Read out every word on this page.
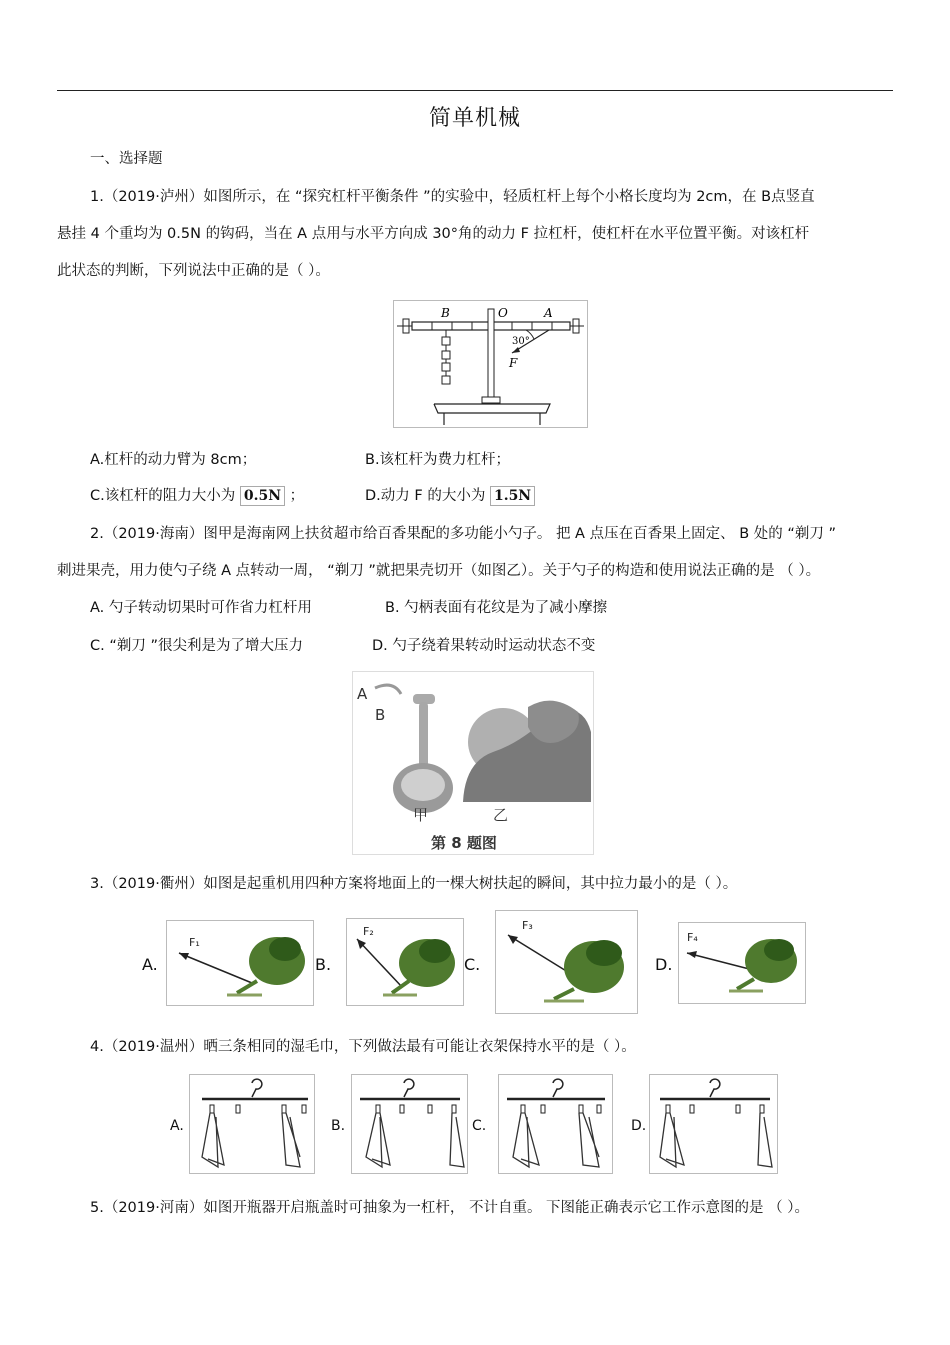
简单机械
一、选择题
1.（2019·泸州）如图所示，在 “探究杠杆平衡条件 ”的实验中，轻质杠杆上每个小格长度均为 2cm，在 B点竖直
悬挂 4 个重均为 0.5N 的钩码，当在 A 点用与水平方向成 30°角的动力 F 拉杠杆，使杠杆在水平位置平衡。对该杠杆
此状态的判断，下列说法中正确的是（ ）。
B	O	A
30°
F
A.杠杆的动力臂为 8cm；	B.该杠杆为费力杠杆；
C.该杠杆的阻力大小为 0.5N ；	D.动力 F 的大小为 1.5N
2.（2019·海南）图甲是海南网上扶贫超市给百香果配的多功能小勺子。 把 A 点压在百香果上固定、 B 处的 “剃刀 ”
刺进果壳，用力使勺子绕 A 点转动一周， “剃刀 ”就把果壳切开（如图乙）。关于勺子的构造和使用说法正确的是 （ ）。
A. 勺子转动切果时可作省力杠杆用	B. 勺柄表面有花纹是为了减小摩擦
C. “剃刀 ”很尖利是为了增大压力	D. 勺子绕着果转动时运动状态不变
A
B
甲	乙
第 8 题图
3.（2019·衢州）如图是起重机用四种方案将地面上的一棵大树扶起的瞬间，其中拉力最小的是（ ）。
A.
F₁
B.
F₂
C.
F₃
D.
F₄
4.（2019·温州）晒三条相同的湿毛巾，下列做法最有可能让衣架保持水平的是（ ）。
A.	B.	C.	D.
5.（2019·河南）如图开瓶器开启瓶盖时可抽象为一杠杆， 不计自重。 下图能正确表示它工作示意图的是 （ ）。
